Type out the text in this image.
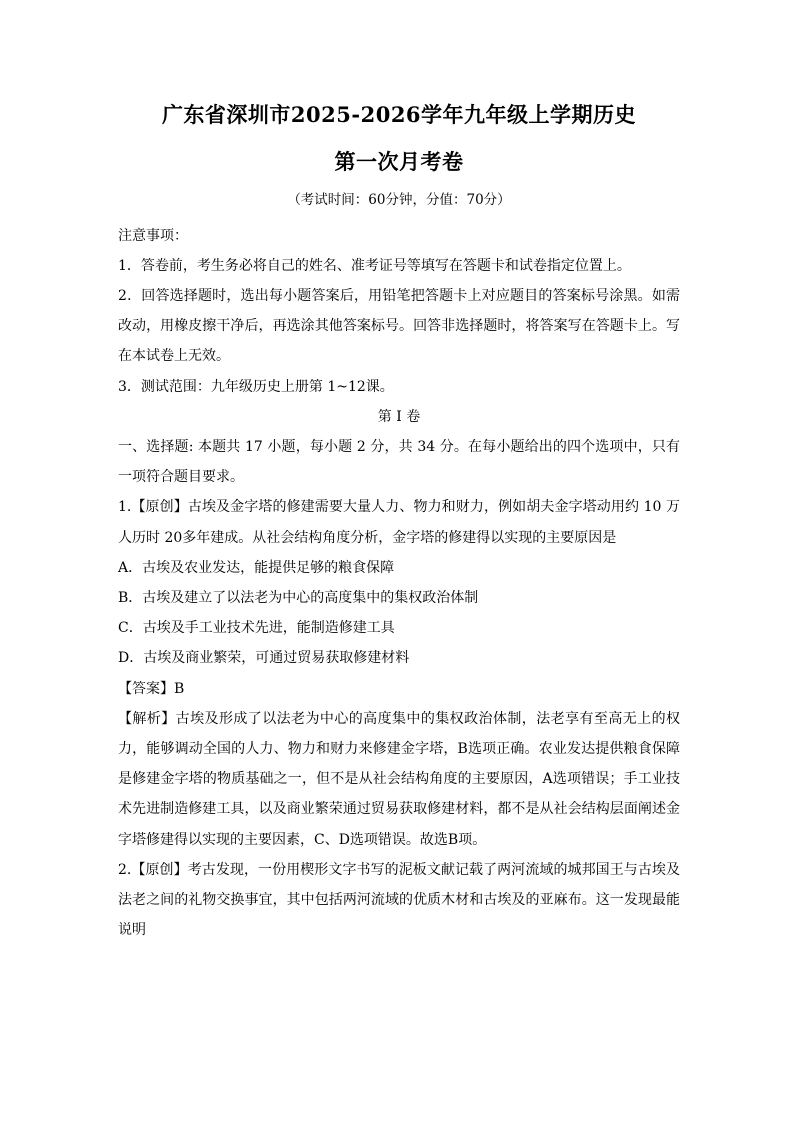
广东省深圳市2025-2026学年九年级上学期历史
第一次月考卷
（考试时间：60分钟，分值：70分）
注意事项：
1．答卷前，考生务必将自己的姓名、准考证号等填写在答题卡和试卷指定位置上。
2．回答选择题时，选出每小题答案后，用铅笔把答题卡上对应题目的答案标号涂黑。如需改动，用橡皮擦干净后，再选涂其他答案标号。回答非选择题时，将答案写在答题卡上。写在本试卷上无效。
3．测试范围：九年级历史上册第 1~12课。
第 I 卷
一、选择题: 本题共 17 小题，每小题 2 分，共 34 分。在每小题给出的四个选项中，只有一项符合题目要求。
1.【原创】古埃及金字塔的修建需要大量人力、物力和财力，例如胡夫金字塔动用约 10 万人历时 20多年建成。从社会结构角度分析，金字塔的修建得以实现的主要原因是
A．古埃及农业发达，能提供足够的粮食保障
B．古埃及建立了以法老为中心的高度集中的集权政治体制
C．古埃及手工业技术先进，能制造修建工具
D．古埃及商业繁荣，可通过贸易获取修建材料
【答案】B
【解析】古埃及形成了以法老为中心的高度集中的集权政治体制，法老享有至高无上的权力，能够调动全国的人力、物力和财力来修建金字塔，B选项正确。农业发达提供粮食保障是修建金字塔的物质基础之一，但不是从社会结构角度的主要原因，A选项错误；手工业技术先进制造修建工具，以及商业繁荣通过贸易获取修建材料，都不是从社会结构层面阐述金字塔修建得以实现的主要因素，C、D选项错误。故选B项。
2.【原创】考古发现，一份用楔形文字书写的泥板文献记载了两河流域的城邦国王与古埃及法老之间的礼物交换事宜，其中包括两河流域的优质木材和古埃及的亚麻布。这一发现最能说明
